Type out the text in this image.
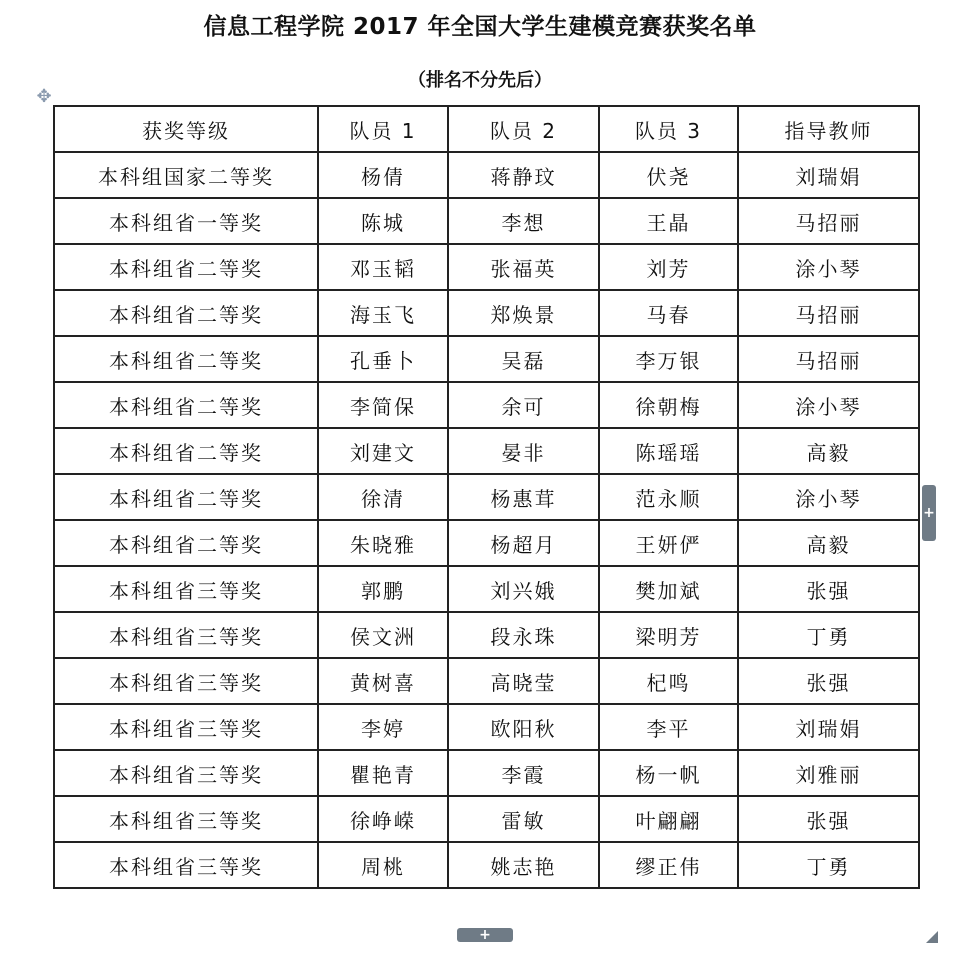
信息工程学院 2017 年全国大学生建模竞赛获奖名单
（排名不分先后）
✥
获奖等级	队员 1	队员 2	队员 3	指导教师
本科组国家二等奖	杨倩	蒋静玟	伏尧	刘瑞娟
本科组省一等奖	陈城	李想	王晶	马招丽
本科组省二等奖	邓玉韬	张福英	刘芳	涂小琴
本科组省二等奖	海玉飞	郑焕景	马春	马招丽
本科组省二等奖	孔垂卜	吴磊	李万银	马招丽
本科组省二等奖	李简保	余可	徐朝梅	涂小琴
本科组省二等奖	刘建文	晏非	陈瑶瑶	高毅
本科组省二等奖	徐清	杨惠茸	范永顺	涂小琴
本科组省二等奖	朱晓雅	杨超月	王妍俨	高毅
本科组省三等奖	郭鹏	刘兴娥	樊加斌	张强
本科组省三等奖	侯文洲	段永珠	梁明芳	丁勇
本科组省三等奖	黄树喜	高晓莹	杞鸣	张强
本科组省三等奖	李婷	欧阳秋	李平	刘瑞娟
本科组省三等奖	瞿艳青	李霞	杨一帆	刘雅丽
本科组省三等奖	徐峥嵘	雷敏	叶翩翩	张强
本科组省三等奖	周桃	姚志艳	缪正伟	丁勇
+
+
